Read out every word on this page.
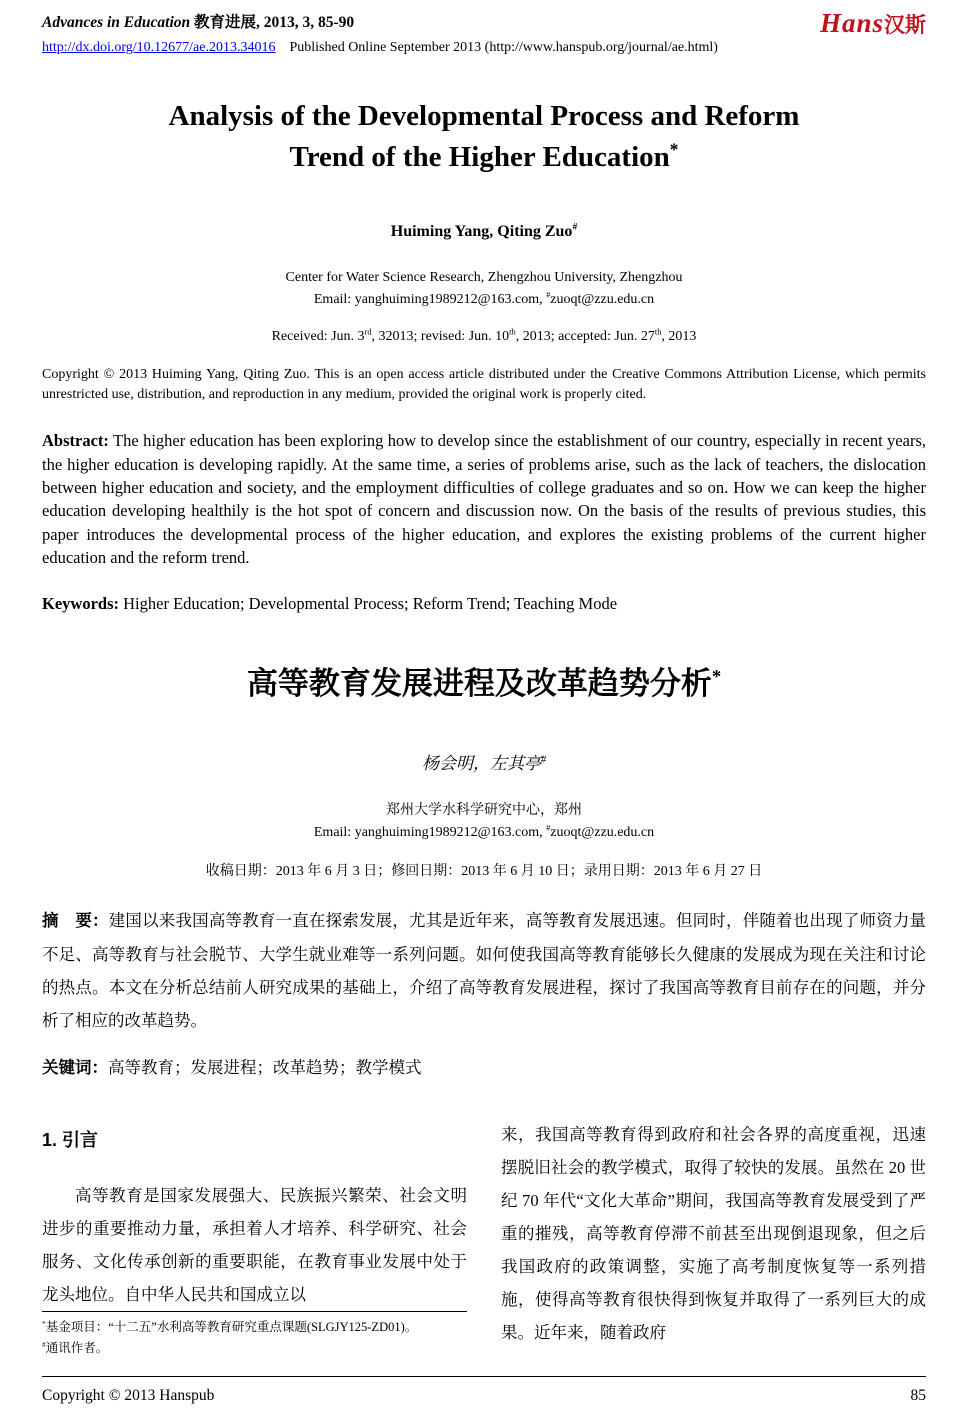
Advances in Education 教育进展, 2013, 3, 85-90	Hans汉斯
http://dx.doi.org/10.12677/ae.2013.34016 Published Online September 2013 (http://www.hanspub.org/journal/ae.html)
Analysis of the Developmental Process and Reform
Trend of the Higher Education*

Huiming Yang, Qiting Zuo#

Center for Water Science Research, Zhengzhou University, Zhengzhou
Email: yanghuiming1989212@163.com, #zuoqt@zzu.edu.cn

Received: Jun. 3rd, 32013; revised: Jun. 10th, 2013; accepted: Jun. 27th, 2013

Copyright © 2013 Huiming Yang, Qiting Zuo. This is an open access article distributed under the Creative Commons Attribution License, which permits unrestricted use, distribution, and reproduction in any medium, provided the original work is properly cited.

Abstract: The higher education has been exploring how to develop since the establishment of our country, especially in recent years, the higher education is developing rapidly. At the same time, a series of problems arise, such as the lack of teachers, the dislocation between higher education and society, and the employment difficulties of college graduates and so on. How we can keep the higher education developing healthily is the hot spot of concern and discussion now. On the basis of the results of previous studies, this paper introduces the developmental process of the higher education, and explores the existing problems of the current higher education and the reform trend.

Keywords: Higher Education; Developmental Process; Reform Trend; Teaching Mode

高等教育发展进程及改革趋势分析*

杨会明，左其亭#

郑州大学水科学研究中心，郑州
Email: yanghuiming1989212@163.com, #zuoqt@zzu.edu.cn

收稿日期：2013 年 6 月 3 日；修回日期：2013 年 6 月 10 日；录用日期：2013 年 6 月 27 日

摘　要：建国以来我国高等教育一直在探索发展，尤其是近年来，高等教育发展迅速。但同时，伴随着也出现了师资力量不足、高等教育与社会脱节、大学生就业难等一系列问题。如何使我国高等教育能够长久健康的发展成为现在关注和讨论的热点。本文在分析总结前人研究成果的基础上，介绍了高等教育发展进程，探讨了我国高等教育目前存在的问题，并分析了相应的改革趋势。

关键词：高等教育；发展进程；改革趋势；教学模式

1. 引言

高等教育是国家发展强大、民族振兴繁荣、社会文明进步的重要推动力量，承担着人才培养、科学研究、社会服务、文化传承创新的重要职能，在教育事业发展中处于龙头地位。自中华人民共和国成立以

*基金项目：“十二五”水利高等教育研究重点课题(SLGJY125-ZD01)。
#通讯作者。

来，我国高等教育得到政府和社会各界的高度重视，迅速摆脱旧社会的教学模式，取得了较快的发展。虽然在 20 世纪 70 年代“文化大革命”期间，我国高等教育发展受到了严重的摧残，高等教育停滞不前甚至出现倒退现象，但之后我国政府的政策调整，实施了高考制度恢复等一系列措施，使得高等教育很快得到恢复并取得了一系列巨大的成果。近年来，随着政府

Copyright © 2013 Hanspub	85
